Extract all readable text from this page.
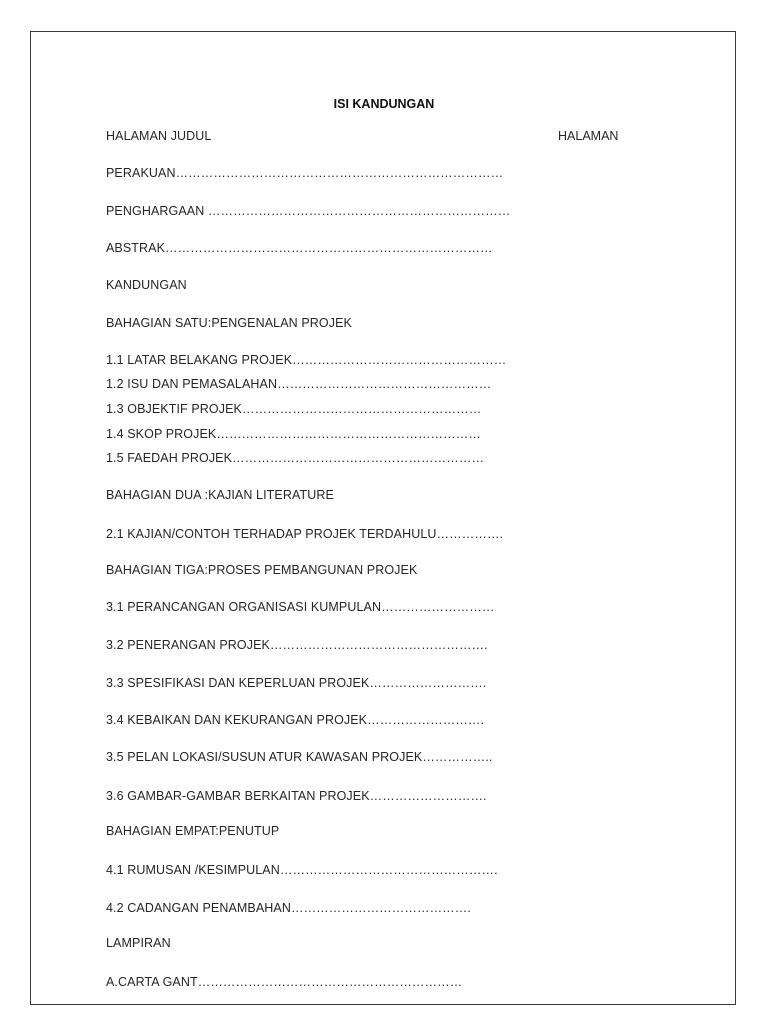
ISI KANDUNGAN
HALAMAN JUDUL	HALAMAN
PERAKUAN……………………………………………………………………
PENGHARGAAN ………………………………………………………………
ABSTRAK……………………………………………………………………
KANDUNGAN
BAHAGIAN SATU:PENGENALAN PROJEK
1.1 LATAR BELAKANG PROJEK……………………………………………
1.2 ISU DAN PEMASALAHAN……………………………………………
1.3 OBJEKTIF PROJEK…………………………………………………
1.4 SKOP PROJEK………………………………………………………
1.5 FAEDAH PROJEK……………………………………………………
BAHAGIAN DUA :KAJIAN LITERATURE
2.1 KAJIAN/CONTOH TERHADAP PROJEK TERDAHULU…………….
BAHAGIAN TIGA:PROSES PEMBANGUNAN PROJEK
3.1 PERANCANGAN ORGANISASI KUMPULAN………………………
3.2 PENERANGAN PROJEK…………………………………………….
3.3 SPESIFIKASI DAN KEPERLUAN PROJEK……………………….
3.4 KEBAIKAN DAN KEKURANGAN PROJEK……………………….
3.5 PELAN LOKASI/SUSUN ATUR KAWASAN PROJEK……………..
3.6 GAMBAR-GAMBAR BERKAITAN PROJEK……………………….
BAHAGIAN EMPAT:PENUTUP
4.1 RUMUSAN /KESIMPULAN…………………………………………….
4.2 CADANGAN PENAMBAHAN…………………………………….
LAMPIRAN
A.CARTA GANT………………………………………………………
